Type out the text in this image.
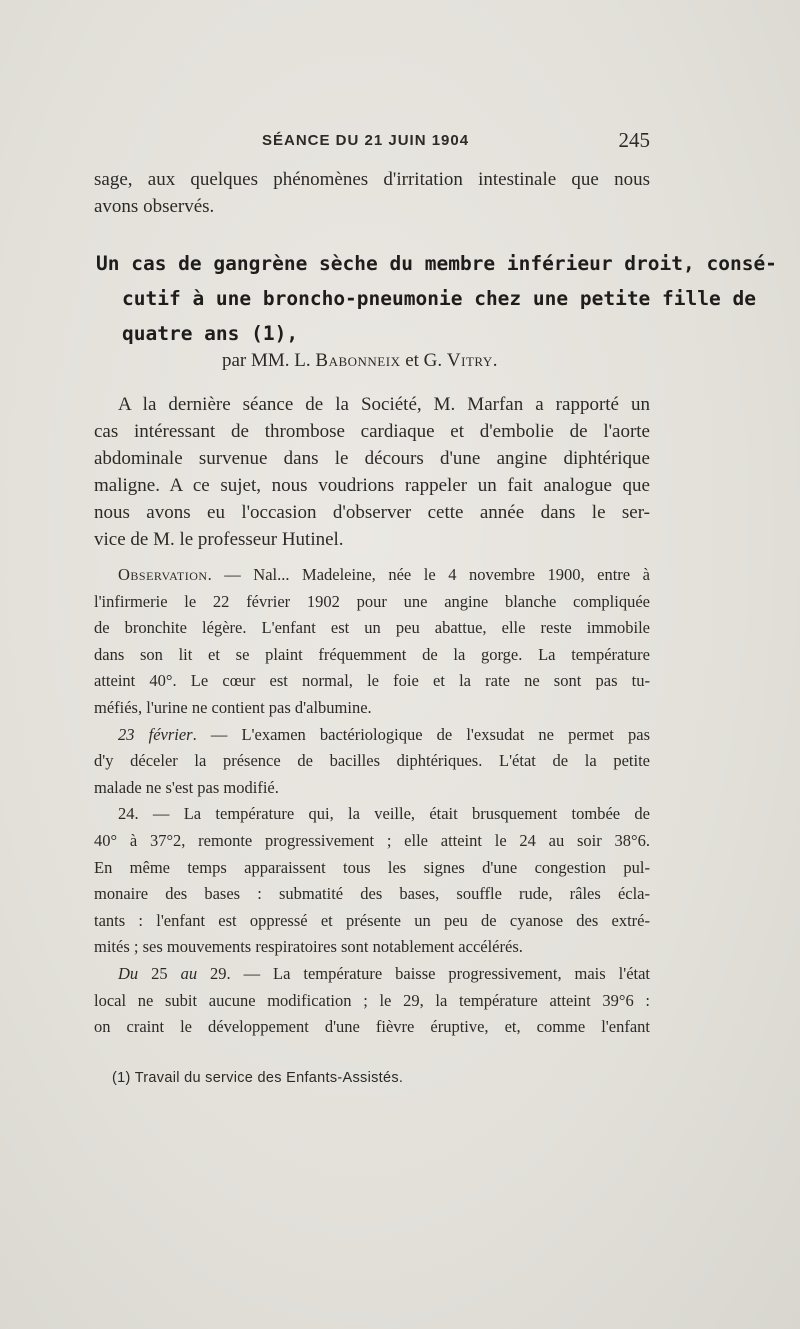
SÉANCE DU 21 JUIN 1904	245
sage, aux quelques phénomènes d'irritation intestinale que nous
avons observés.
Un cas de gangrène sèche du membre inférieur droit, consé-
cutif à une broncho-pneumonie chez une petite fille de
quatre ans (1),
par MM. L. Babonneix et G. Vitry.
A la dernière séance de la Société, M. Marfan a rapporté un
cas intéressant de thrombose cardiaque et d'embolie de l'aorte
abdominale survenue dans le décours d'une angine diphtérique
maligne. A ce sujet, nous voudrions rappeler un fait analogue que
nous avons eu l'occasion d'observer cette année dans le ser-
vice de M. le professeur Hutinel.
Observation. — Nal... Madeleine, née le 4 novembre 1900, entre à
l'infirmerie le 22 février 1902 pour une angine blanche compliquée
de bronchite légère. L'enfant est un peu abattue, elle reste immobile
dans son lit et se plaint fréquemment de la gorge. La température
atteint 40°. Le cœur est normal, le foie et la rate ne sont pas tu-
méfiés, l'urine ne contient pas d'albumine.
23 février. — L'examen bactériologique de l'exsudat ne permet pas
d'y déceler la présence de bacilles diphtériques. L'état de la petite
malade ne s'est pas modifié.
24. — La température qui, la veille, était brusquement tombée de
40° à 37°2, remonte progressivement ; elle atteint le 24 au soir 38°6.
En même temps apparaissent tous les signes d'une congestion pul-
monaire des bases : submatité des bases, souffle rude, râles écla-
tants : l'enfant est oppressé et présente un peu de cyanose des extré-
mités ; ses mouvements respiratoires sont notablement accélérés.
Du 25 au 29. — La température baisse progressivement, mais l'état
local ne subit aucune modification ; le 29, la température atteint 39°6 :
on craint le développement d'une fièvre éruptive, et, comme l'enfant
(1) Travail du service des Enfants-Assistés.
